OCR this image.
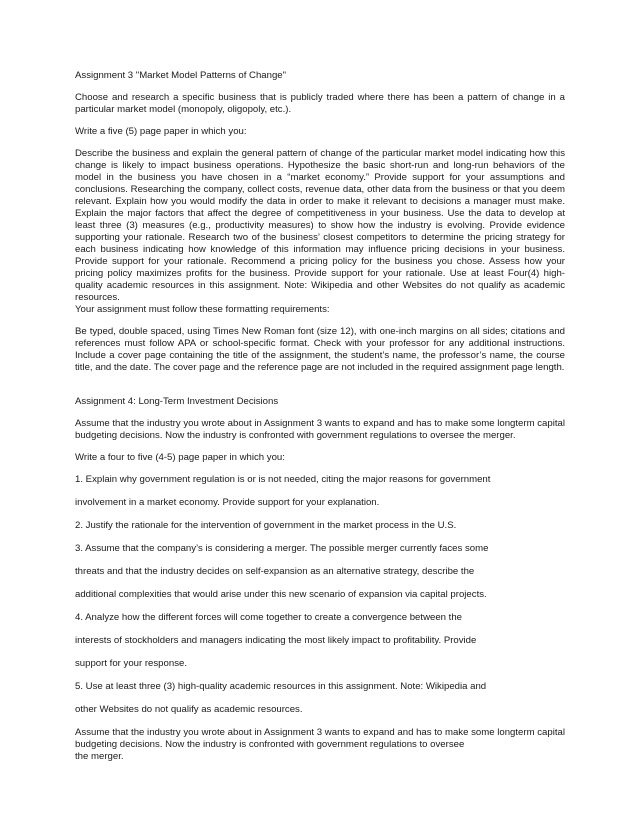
Assignment 3 "Market Model Patterns of Change"

Choose and research a specific business that is publicly traded where there has been a pattern of change in a particular market model (monopoly, oligopoly, etc.).

Write a five (5) page paper in which you:

Describe the business and explain the general pattern of change of the particular market model indicating how this change is likely to impact business operations. Hypothesize the basic short-run and long-run behaviors of the model in the business you have chosen in a “market economy.” Provide support for your assumptions and conclusions. Researching the company, collect costs, revenue data, other data from the business or that you deem relevant. Explain how you would modify the data in order to make it relevant to decisions a manager must make. Explain the major factors that affect the degree of competitiveness in your business. Use the data to develop at least three (3) measures (e.g., productivity measures) to show how the industry is evolving. Provide evidence supporting your rationale. Research two of the business’ closest competitors to determine the pricing strategy for each business indicating how knowledge of this information may influence pricing decisions in your business. Provide support for your rationale. Recommend a pricing policy for the business you chose. Assess how your pricing policy maximizes profits for the business. Provide support for your rationale. Use at least Four(4) high-quality academic resources in this assignment. Note: Wikipedia and other Websites do not qualify as academic resources.

Your assignment must follow these formatting requirements:

Be typed, double spaced, using Times New Roman font (size 12), with one-inch margins on all sides; citations and references must follow APA or school-specific format. Check with your professor for any additional instructions. Include a cover page containing the title of the assignment, the student’s name, the professor’s name, the course title, and the date. The cover page and the reference page are not included in the required assignment page length.

Assignment 4: Long-Term Investment Decisions

Assume that the industry you wrote about in Assignment 3 wants to expand and has to make some longterm capital budgeting decisions. Now the industry is confronted with government regulations to oversee the merger.

Write a four to five (4-5) page paper in which you:

1. Explain why government regulation is or is not needed, citing the major reasons for government

involvement in a market economy. Provide support for your explanation.

2. Justify the rationale for the intervention of government in the market process in the U.S.

3. Assume that the company’s is considering a merger. The possible merger currently faces some

threats and that the industry decides on self-expansion as an alternative strategy, describe the

additional complexities that would arise under this new scenario of expansion via capital projects.

4. Analyze how the different forces will come together to create a convergence between the

interests of stockholders and managers indicating the most likely impact to profitability. Provide

support for your response.

5. Use at least three (3) high-quality academic resources in this assignment. Note: Wikipedia and

other Websites do not qualify as academic resources.

Assume that the industry you wrote about in Assignment 3 wants to expand and has to make some longterm capital budgeting decisions. Now the industry is confronted with government regulations to oversee

the merger.
